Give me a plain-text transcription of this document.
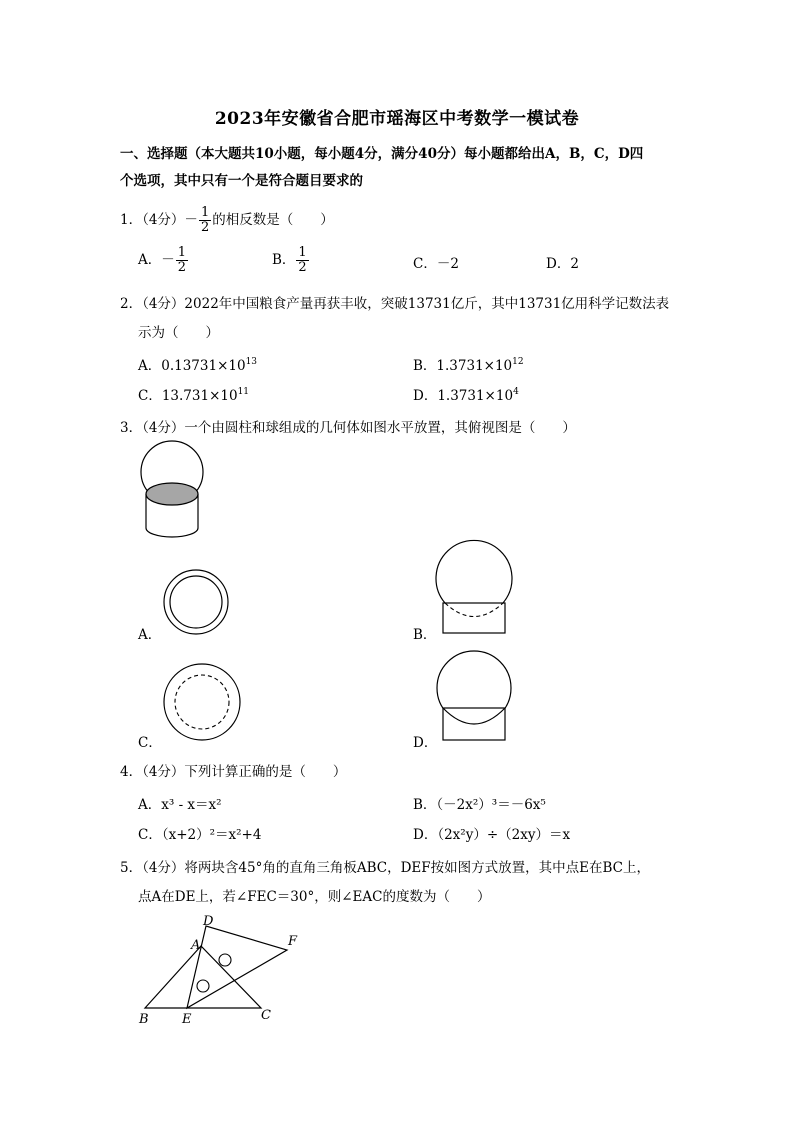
2023年安徽省合肥市瑶海区中考数学一模试卷
一、选择题（本大题共10小题，每小题4分，满分40分）每小题都给出A，B，C，D四
个选项，其中只有一个是符合题目要求的
1．（4分）－ $\frac{1}{2}$ 的相反数是（　　）
A．－ $\frac{1}{2}$	B． $\frac{1}{2}$	C．－2	D．2
2．（4分）2022年中国粮食产量再获丰收，突破13731亿斤，其中13731亿用科学记数法表
示为（　　）
A．$0.13731\times 10^{13}$	B．$1.3731\times 10^{12}$
C．$13.731\times 10^{11}$	D．$1.3731\times 10^4$
3．（4分）一个由圆柱和球组成的几何体如图水平放置，其俯视图是（　　）
A．	B．
C．	D．
4．（4分）下列计算正确的是（　　）
A．x³ - x＝x²	B．（－2x²）³＝－6x⁵
C．（x+2）²＝x²+4	D．（2x²y）÷（2xy）＝x
5．（4分）将两块含45°角的直角三角板ABC，DEF按如图方式放置，其中点E在BC上，
点A在DE上，若∠FEC＝30°，则∠EAC的度数为（　　）
D
A	F
B	E	C
